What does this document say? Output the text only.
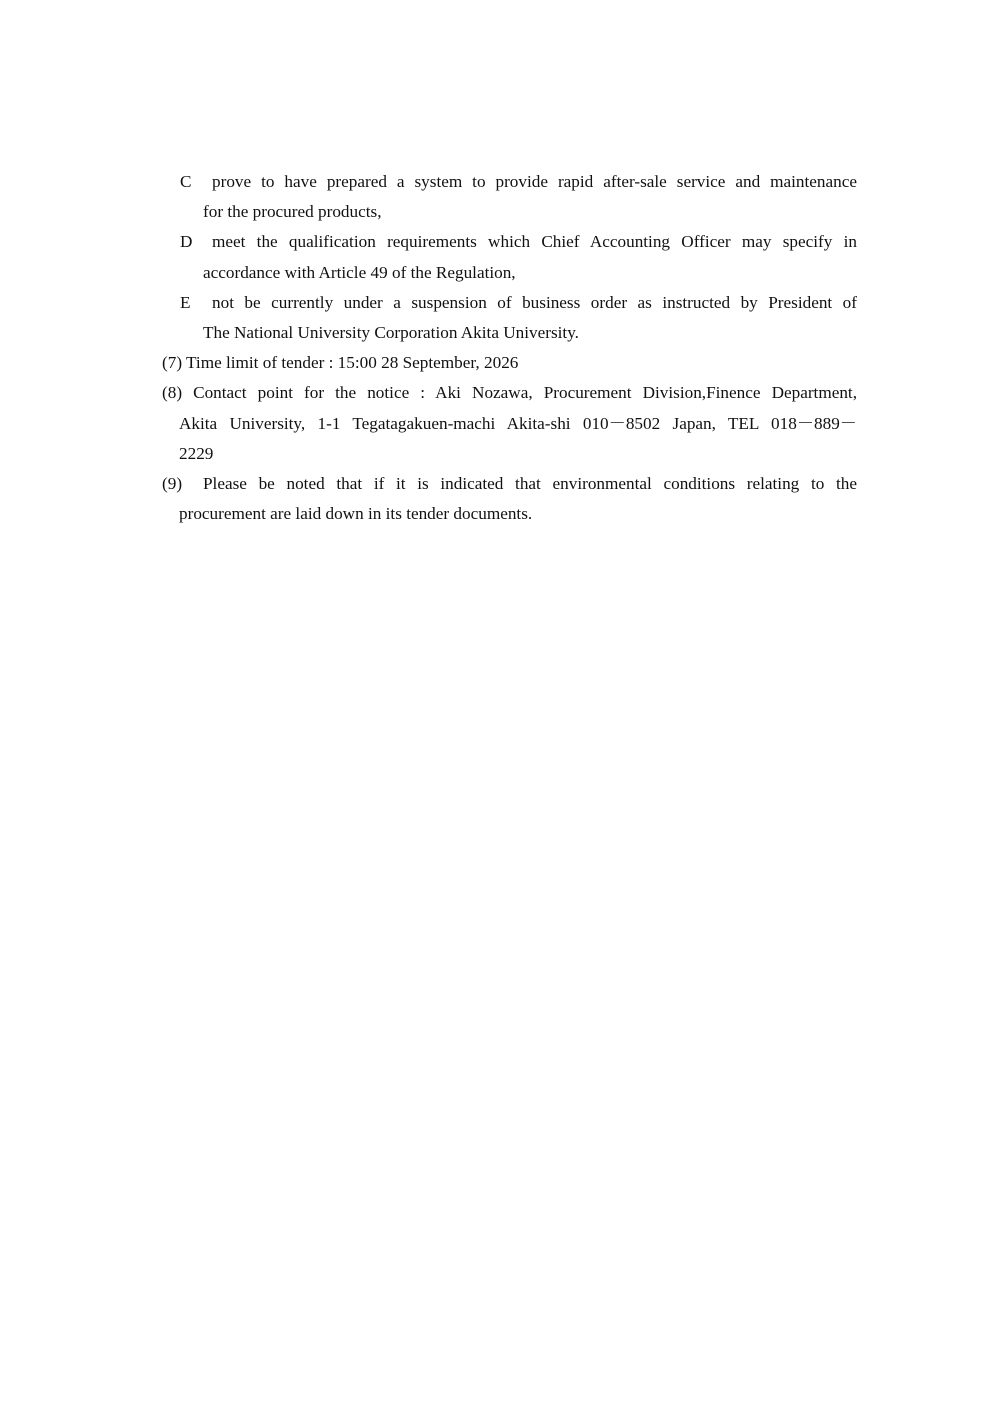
C prove to have prepared a system to provide rapid after-sale service and maintenance
for the procured products,
D meet the qualification requirements which Chief Accounting Officer may specify in
accordance with Article 49 of the Regulation,
E not be currently under a suspension of business order as instructed by President of
The National University Corporation Akita University.
(7) Time limit of tender : 15:00 28 September, 2026
(8) Contact point for the notice : Aki Nozawa, Procurement Division,Finence Department,
Akita University, 1-1 Tegatagakuen-machi Akita-shi 010－8502 Japan, TEL 018－889－
2229
(9) Please be noted that if it is indicated that environmental conditions relating to the
procurement are laid down in its tender documents.
